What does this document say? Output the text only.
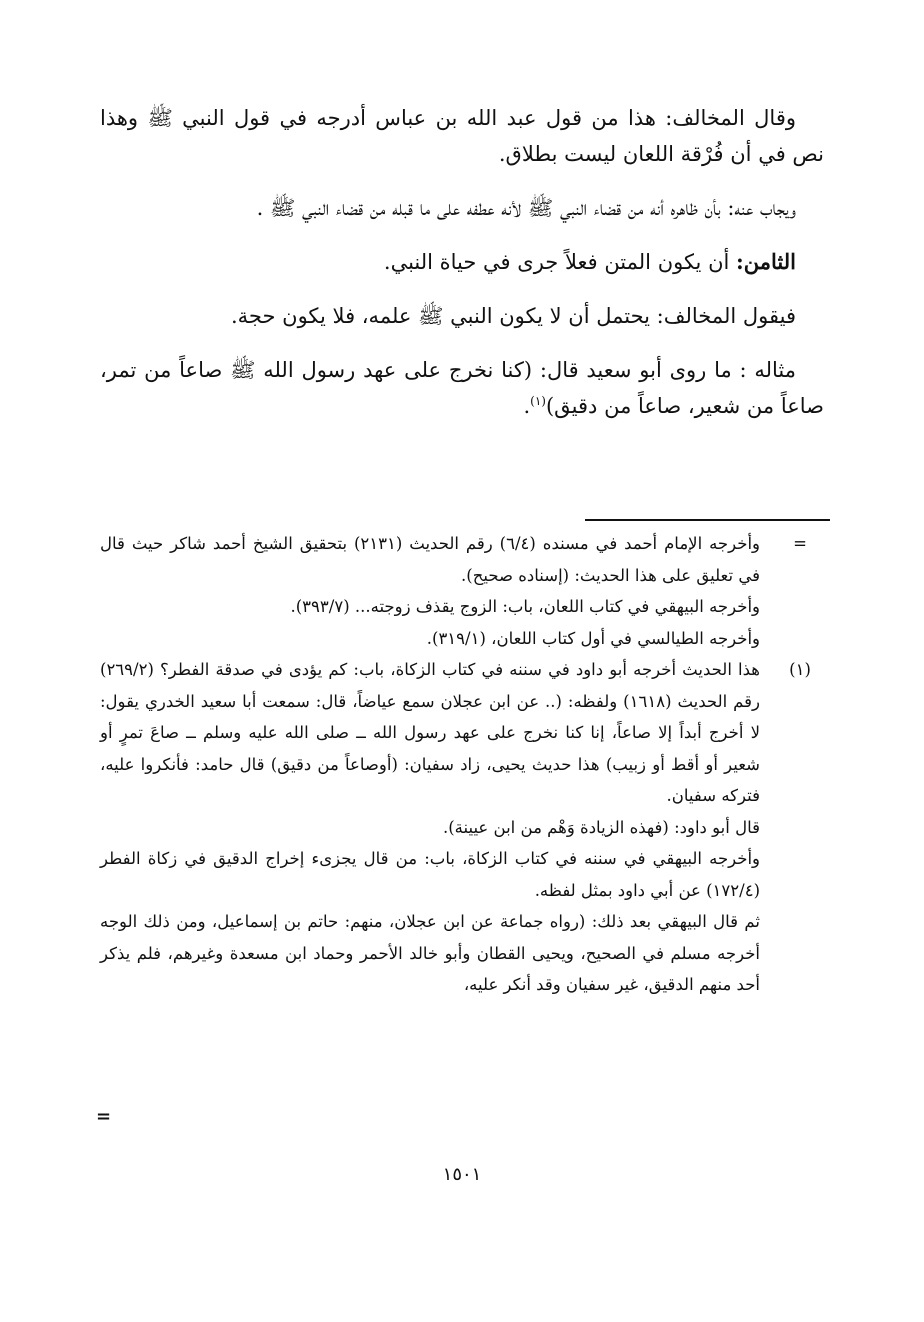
وقال المخالف: هذا من قول عبد الله بن عباس أدرجه في قول النبي ﷺ وهذا نص في أن فُرْقة اللعان ليست بطلاق.

ويجاب عنه: بأن ظاهره أنه من قضاء النبي ﷺ لأنه عطفه على ما قبله من قضاء النبي ﷺ .

الثامن: أن يكون المتن فعلاً جرى في حياة النبي.

فيقول المخالف: يحتمل أن لا يكون النبي ﷺ علمه، فلا يكون حجة.

مثاله : ما روى أبو سعيد قال: (كنا نخرج على عهد رسول الله ﷺ صاعاً من تمر، صاعاً من شعير، صاعاً من دقيق)$^{(١)}$.

=

وأخرجه الإمام أحمد في مسنده (٦/٤) رقم الحديث (٢١٣١) بتحقيق الشيخ أحمد شاكر حيث قال في تعليق على هذا الحديث: (إسناده صحيح).

وأخرجه البيهقي في كتاب اللعان، باب: الزوج يقذف زوجته... (٣٩٣/٧).

وأخرجه الطيالسي في أول كتاب اللعان، (٣١٩/١).

(١)

هذا الحديث أخرجه أبو داود في سننه في كتاب الزكاة، باب: كم يؤدى في صدقة الفطر؟ (٢٦٩/٢) رقم الحديث (١٦١٨) ولفظه: (.. عن ابن عجلان سمع عياضاً، قال: سمعت أبا سعيد الخدري يقول: لا أخرج أبداً إلا صاعاً، إنا كنا نخرج على عهد رسول الله ــ صلى الله عليه وسلم ــ صاعَ تمرٍ أو شعير أو أقط أو زبيب) هذا حديث يحيى، زاد سفيان: (أوصاعاً من دقيق) قال حامد: فأنكروا عليه، فتركه سفيان.

قال أبو داود: (فهذه الزيادة وَهْم من ابن عيينة).

وأخرجه البيهقي في سننه في كتاب الزكاة، باب: من قال يجزىء إخراج الدقيق في زكاة الفطر (١٧٢/٤) عن أبي داود بمثل لفظه.

ثم قال البيهقي بعد ذلك: (رواه جماعة عن ابن عجلان، منهم: حاتم بن إسماعيل، ومن ذلك الوجه أخرجه مسلم في الصحيح، ويحيى القطان وأبو خالد الأحمر وحماد ابن مسعدة وغيرهم، فلم يذكر أحد منهم الدقيق، غير سفيان وقد أنكر عليه،

=
١٥٠١
